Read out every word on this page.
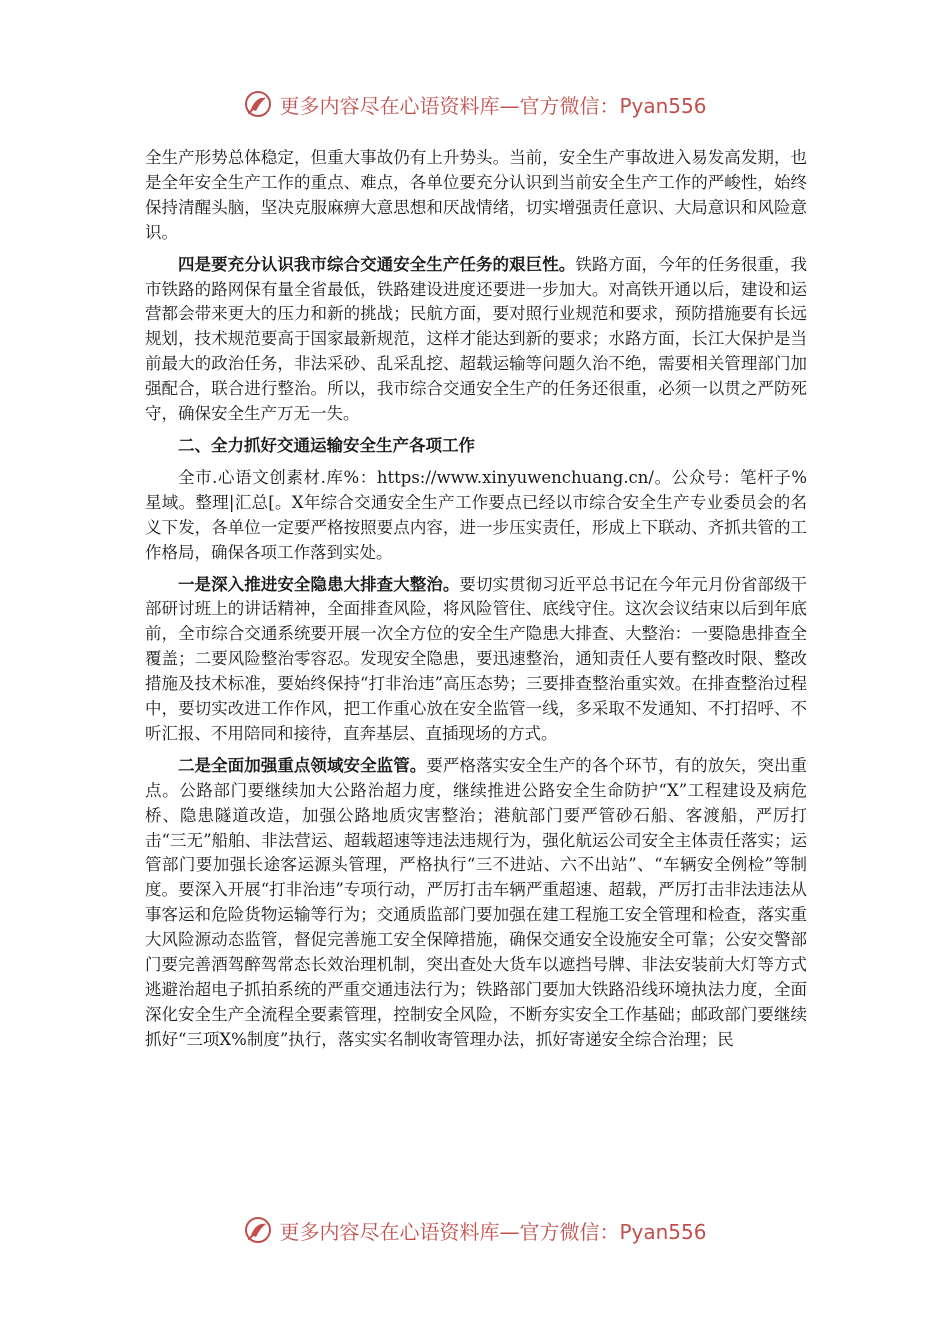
更多内容尽在心语资料库—官方微信：Pyan556

全生产形势总体稳定，但重大事故仍有上升势头。当前，安全生产事故进入易发高发期，也是全年安全生产工作的重点、难点，各单位要充分认识到当前安全生产工作的严峻性，始终保持清醒头脑，坚决克服麻痹大意思想和厌战情绪，切实增强责任意识、大局意识和风险意识。

四是要充分认识我市综合交通安全生产任务的艰巨性。铁路方面，今年的任务很重，我市铁路的路网保有量全省最低，铁路建设进度还要进一步加大。对高铁开通以后，建设和运营都会带来更大的压力和新的挑战；民航方面，要对照行业规范和要求，预防措施要有长远规划，技术规范要高于国家最新规范，这样才能达到新的要求；水路方面，长江大保护是当前最大的政治任务，非法采砂、乱采乱挖、超载运输等问题久治不绝，需要相关管理部门加强配合，联合进行整治。所以，我市综合交通安全生产的任务还很重，必须一以贯之严防死守，确保安全生产万无一失。

二、全力抓好交通运输安全生产各项工作

全市.心语文创素材.库%：https://www.xinyuwenchuang.cn/。公众号：笔杆子%星域。整理|汇总[。X年综合交通安全生产工作要点已经以市综合安全生产专业委员会的名义下发，各单位一定要严格按照要点内容，进一步压实责任，形成上下联动、齐抓共管的工作格局，确保各项工作落到实处。

一是深入推进安全隐患大排查大整治。要切实贯彻习近平总书记在今年元月份省部级干部研讨班上的讲话精神，全面排查风险，将风险管住、底线守住。这次会议结束以后到年底前，全市综合交通系统要开展一次全方位的安全生产隐患大排查、大整治：一要隐患排查全覆盖；二要风险整治零容忍。发现安全隐患，要迅速整治，通知责任人要有整改时限、整改措施及技术标准，要始终保持“打非治违”高压态势；三要排查整治重实效。在排查整治过程中，要切实改进工作作风，把工作重心放在安全监管一线，多采取不发通知、不打招呼、不听汇报、不用陪同和接待，直奔基层、直插现场的方式。

二是全面加强重点领域安全监管。要严格落实安全生产的各个环节，有的放矢，突出重点。公路部门要继续加大公路治超力度，继续推进公路安全生命防护“X”工程建设及病危桥、隐患隧道改造，加强公路地质灾害整治；港航部门要严管砂石船、客渡船，严厉打击“三无”船舶、非法营运、超载超速等违法违规行为，强化航运公司安全主体责任落实；运管部门要加强长途客运源头管理，严格执行“三不进站、六不出站”、“车辆安全例检”等制度。要深入开展“打非治违”专项行动，严厉打击车辆严重超速、超载，严厉打击非法违法从事客运和危险货物运输等行为；交通质监部门要加强在建工程施工安全管理和检查，落实重大风险源动态监管，督促完善施工安全保障措施，确保交通安全设施安全可靠；公安交警部门要完善酒驾醉驾常态长效治理机制，突出查处大货车以遮挡号牌、非法安装前大灯等方式逃避治超电子抓拍系统的严重交通违法行为；铁路部门要加大铁路沿线环境执法力度，全面深化安全生产全流程全要素管理，控制安全风险，不断夯实安全工作基础；邮政部门要继续抓好“三项X%制度”执行，落实实名制收寄管理办法，抓好寄递安全综合治理；民

更多内容尽在心语资料库—官方微信：Pyan556
